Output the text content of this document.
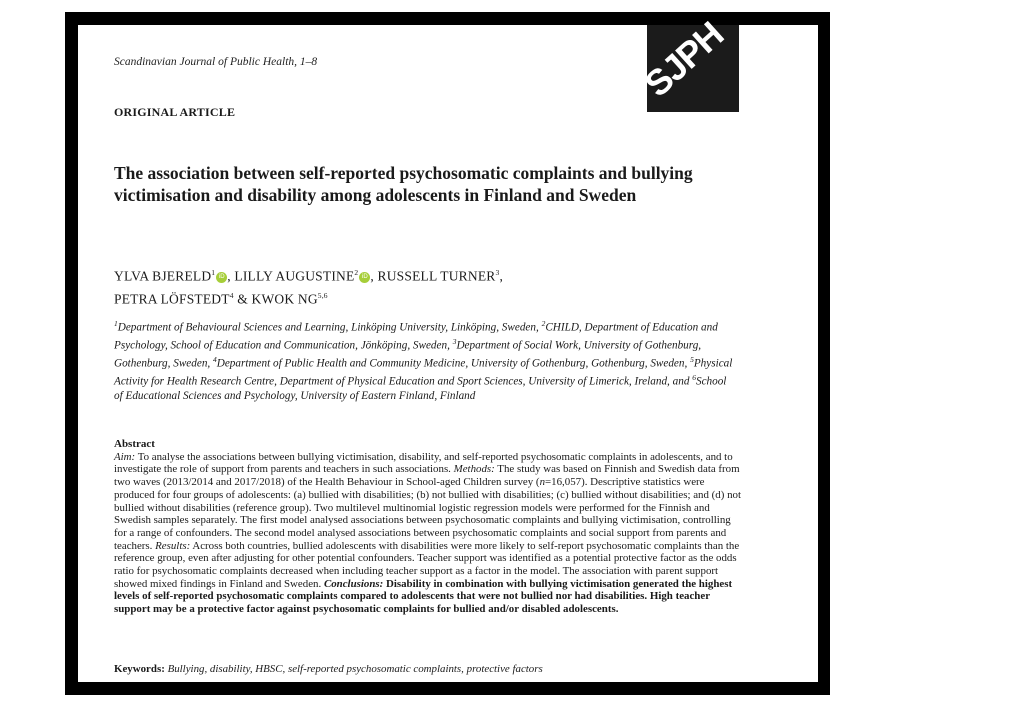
Scandinavian Journal of Public Health, 1–8	SJPH
ORIGINAL ARTICLE
The association between self-reported psychosomatic complaints and bullying victimisation and disability among adolescents in Finland and Sweden
YLVA BJERELD$^1$ iD , LILLY AUGUSTINE$^2$ iD , RUSSELL TURNER$^3$,
PETRA LÖFSTEDT$^4$ & KWOK NG$^{5,6}$
$^1$Department of Behavioural Sciences and Learning, Linköping University, Linköping, Sweden, $^2$CHILD, Department of Education and Psychology, School of Education and Communication, Jönköping, Sweden, $^3$Department of Social Work, University of Gothenburg, Gothenburg, Sweden, $^4$Department of Public Health and Community Medicine, University of Gothenburg, Gothenburg, Sweden, $^5$Physical Activity for Health Research Centre, Department of Physical Education and Sport Sciences, University of Limerick, Ireland, and $^6$School of Educational Sciences and Psychology, University of Eastern Finland, Finland
Abstract

Aim: To analyse the associations between bullying victimisation, disability, and self-reported psychosomatic complaints in adolescents, and to investigate the role of support from parents and teachers in such associations. Methods: The study was based on Finnish and Swedish data from two waves (2013/2014 and 2017/2018) of the Health Behaviour in School-aged Children survey (n=16,057). Descriptive statistics were produced for four groups of adolescents: (a) bullied with disabilities; (b) not bullied with disabilities; (c) bullied without disabilities; and (d) not bullied without disabilities (reference group). Two multilevel multinomial logistic regression models were performed for the Finnish and Swedish samples separately. The first model analysed associations between psychosomatic complaints and bullying victimisation, controlling for a range of confounders. The second model analysed associations between psychosomatic complaints and social support from parents and teachers. Results: Across both countries, bullied adolescents with disabilities were more likely to self-report psychosomatic complaints than the reference group, even after adjusting for other potential confounders. Teacher support was identified as a potential protective factor as the odds ratio for psychosomatic complaints decreased when including teacher support as a factor in the model. The association with parent support showed mixed findings in Finland and Sweden. Conclusions: Disability in combination with bullying victimisation generated the highest levels of self-reported psychosomatic complaints compared to adolescents that were not bullied nor had disabilities. High teacher support may be a protective factor against psychosomatic complaints for bullied and/or disabled adolescents.

Keywords: Bullying, disability, HBSC, self-reported psychosomatic complaints, protective factors
